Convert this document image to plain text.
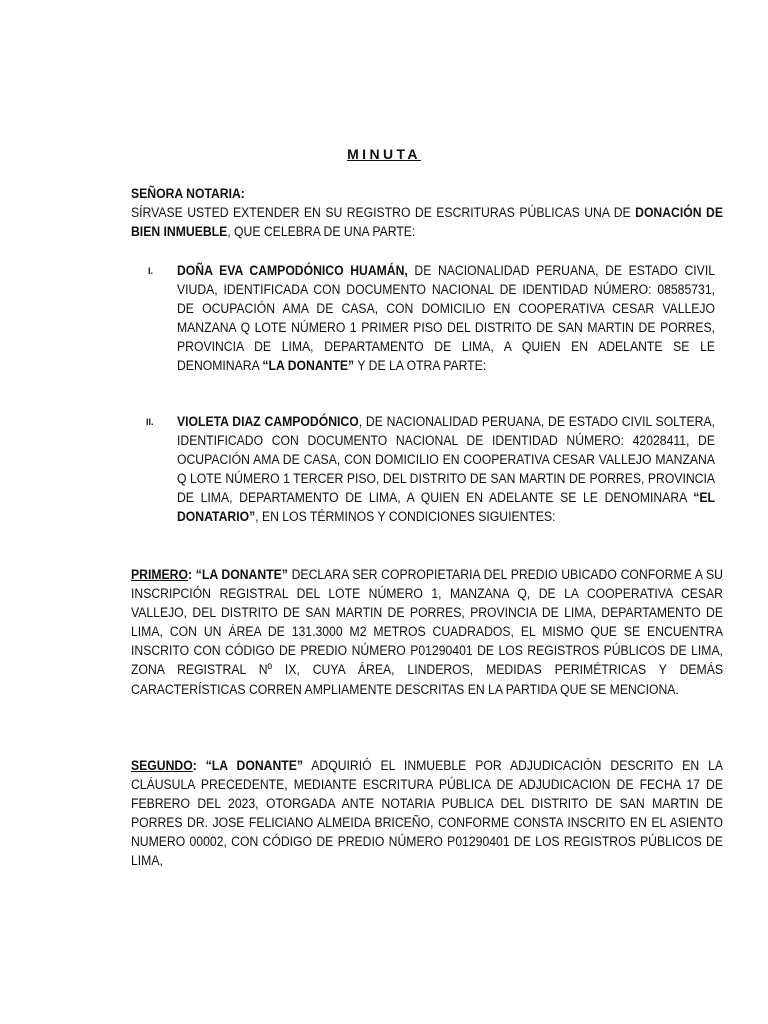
MINUTA
SEÑORA NOTARIA:
SÍRVASE USTED EXTENDER EN SU REGISTRO DE ESCRITURAS PÚBLICAS UNA DE DONACIÓN DE BIEN INMUEBLE, QUE CELEBRA DE UNA PARTE:
I. DOÑA EVA CAMPODÓNICO HUAMÁN, DE NACIONALIDAD PERUANA, DE ESTADO CIVIL VIUDA, IDENTIFICADA CON DOCUMENTO NACIONAL DE IDENTIDAD NÚMERO: 08585731, DE OCUPACIÓN AMA DE CASA, CON DOMICILIO EN COOPERATIVA CESAR VALLEJO MANZANA Q LOTE NÚMERO 1 PRIMER PISO DEL DISTRITO DE SAN MARTIN DE PORRES, PROVINCIA DE LIMA, DEPARTAMENTO DE LIMA, A QUIEN EN ADELANTE SE LE DENOMINARA “LA DONANTE” Y DE LA OTRA PARTE:
II. VIOLETA DIAZ CAMPODÓNICO, DE NACIONALIDAD PERUANA, DE ESTADO CIVIL SOLTERA, IDENTIFICADO CON DOCUMENTO NACIONAL DE IDENTIDAD NÚMERO: 42028411, DE OCUPACIÓN AMA DE CASA, CON DOMICILIO EN COOPERATIVA CESAR VALLEJO MANZANA Q LOTE NÚMERO 1 TERCER PISO, DEL DISTRITO DE SAN MARTIN DE PORRES, PROVINCIA DE LIMA, DEPARTAMENTO DE LIMA, A QUIEN EN ADELANTE SE LE DENOMINARA “EL DONATARIO”, EN LOS TÉRMINOS Y CONDICIONES SIGUIENTES:
PRIMERO: “LA DONANTE” DECLARA SER COPROPIETARIA DEL PREDIO UBICADO CONFORME A SU INSCRIPCIÓN REGISTRAL DEL LOTE NÚMERO 1, MANZANA Q, DE LA COOPERATIVA CESAR VALLEJO, DEL DISTRITO DE SAN MARTIN DE PORRES, PROVINCIA DE LIMA, DEPARTAMENTO DE LIMA, CON UN ÁREA DE 131.3000 M2 METROS CUADRADOS, EL MISMO QUE SE ENCUENTRA INSCRITO CON CÓDIGO DE PREDIO NÚMERO P01290401 DE LOS REGISTROS PÚBLICOS DE LIMA, ZONA REGISTRAL Nº IX, CUYA ÁREA, LINDEROS, MEDIDAS PERIMÉTRICAS Y DEMÁS CARACTERÍSTICAS CORREN AMPLIAMENTE DESCRITAS EN LA PARTIDA QUE SE MENCIONA.
SEGUNDO: “LA DONANTE” ADQUIRIÓ EL INMUEBLE POR ADJUDICACIÓN DESCRITO EN LA CLÁUSULA PRECEDENTE, MEDIANTE ESCRITURA PÚBLICA DE ADJUDICACION DE FECHA 17 DE FEBRERO DEL 2023, OTORGADA ANTE NOTARIA PUBLICA DEL DISTRITO DE SAN MARTIN DE PORRES DR. JOSE FELICIANO ALMEIDA BRICEÑO, CONFORME CONSTA INSCRITO EN EL ASIENTO NUMERO 00002, CON CÓDIGO DE PREDIO NÚMERO P01290401 DE LOS REGISTROS PÚBLICOS DE LIMA,
